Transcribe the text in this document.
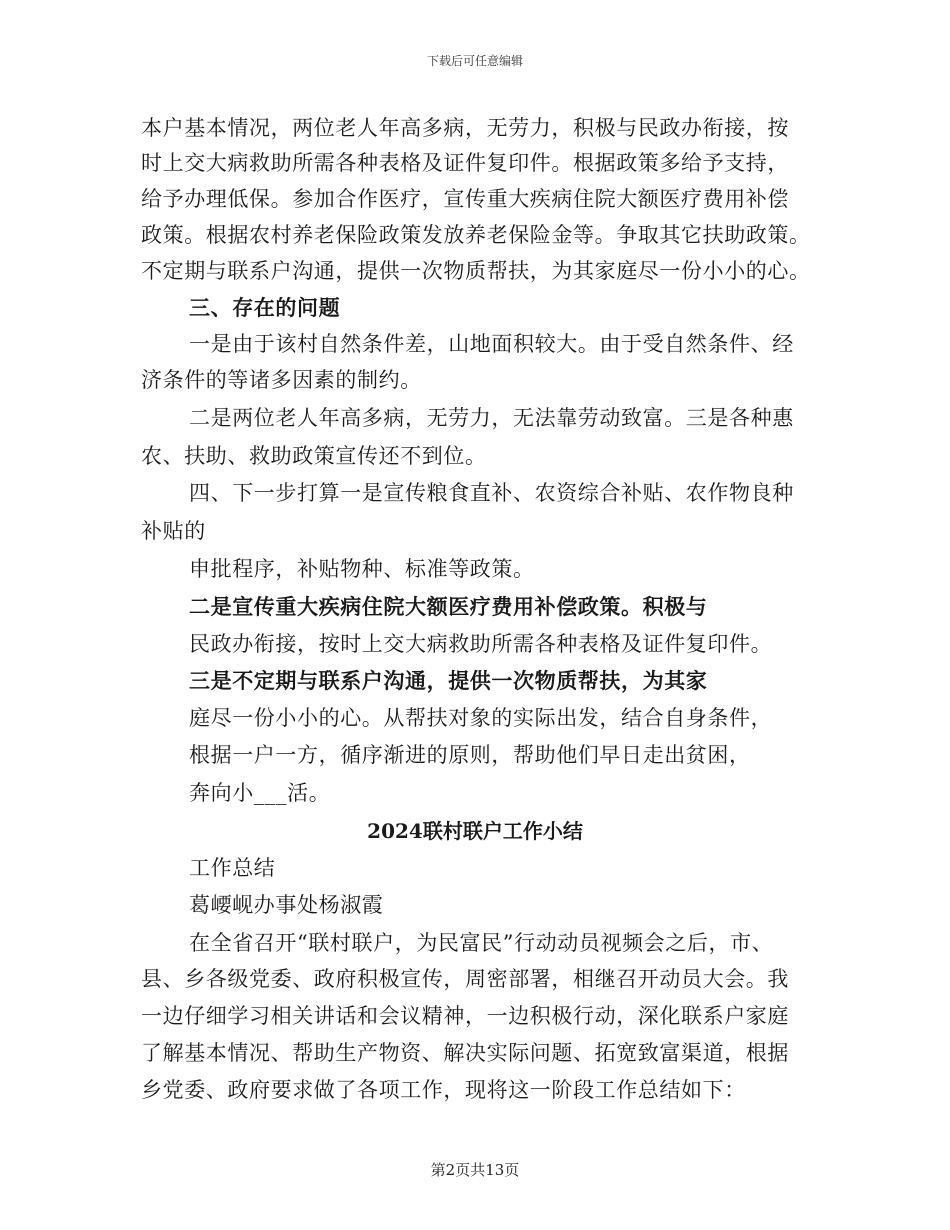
下载后可任意编辑
本户基本情况，两位老人年高多病，无劳力，积极与民政办衔接，按
时上交大病救助所需各种表格及证件复印件。根据政策多给予支持，
给予办理低保。参加合作医疗，宣传重大疾病住院大额医疗费用补偿
政策。根据农村养老保险政策发放养老保险金等。争取其它扶助政策。
不定期与联系户沟通，提供一次物质帮扶，为其家庭尽一份小小的心。
三、存在的问题
一是由于该村自然条件差，山地面积较大。由于受自然条件、经
济条件的等诸多因素的制约。
二是两位老人年高多病，无劳力，无法靠劳动致富。三是各种惠
农、扶助、救助政策宣传还不到位。
四、下一步打算一是宣传粮食直补、农资综合补贴、农作物良种
补贴的
申批程序，补贴物种、标准等政策。
二是宣传重大疾病住院大额医疗费用补偿政策。积极与
民政办衔接，按时上交大病救助所需各种表格及证件复印件。
三是不定期与联系户沟通，提供一次物质帮扶，为其家
庭尽一份小小的心。从帮扶对象的实际出发，结合自身条件，
根据一户一方，循序渐进的原则，帮助他们早日走出贫困，
奔向小___活。
2024联村联户工作小结
工作总结
葛崾岘办事处杨淑霞
在全省召开“联村联户，为民富民”行动动员视频会之后，市、
县、乡各级党委、政府积极宣传，周密部署，相继召开动员大会。我
一边仔细学习相关讲话和会议精神，一边积极行动，深化联系户家庭
了解基本情况、帮助生产物资、解决实际问题、拓宽致富渠道，根据
乡党委、政府要求做了各项工作，现将这一阶段工作总结如下：
第2页共13页
